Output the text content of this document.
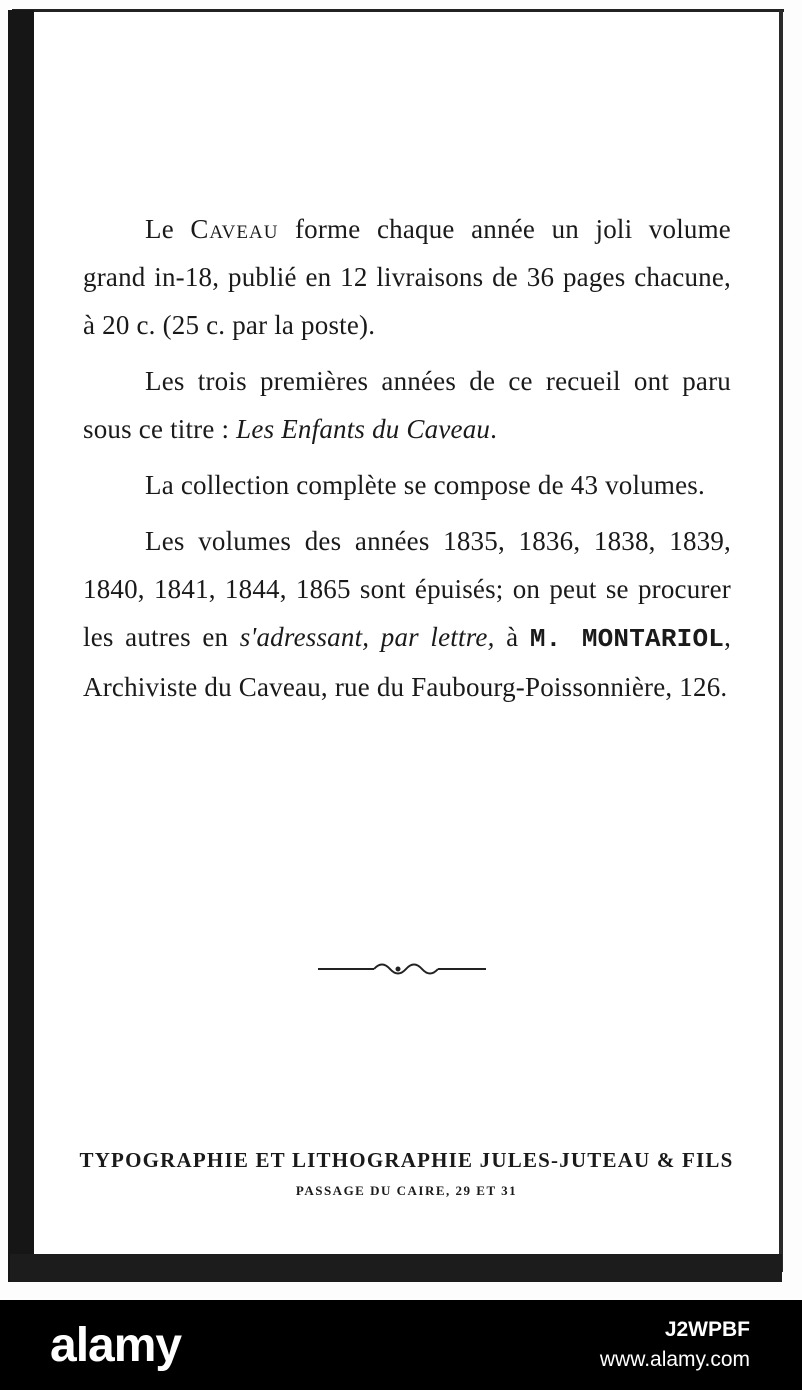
Le Caveau forme chaque année un joli volume grand in-18, publié en 12 livraisons de 36 pages chacune, à 20 c. (25 c. par la poste).

Les trois premières années de ce recueil ont paru sous ce titre : Les Enfants du Caveau.

La collection complète se compose de 43 volumes.

Les volumes des années 1835, 1836, 1838, 1839, 1840, 1841, 1844, 1865 sont épuisés; on peut se procurer les autres en s'adressant, par lettre, à M. MONTARIOL, Archiviste du Caveau, rue du Faubourg-Poissonnière, 126.

TYPOGRAPHIE ET LITHOGRAPHIE JULES-JUTEAU & FILS
PASSAGE DU CAIRE, 29 ET 31
alamy	J2WPBF
www.alamy.com
